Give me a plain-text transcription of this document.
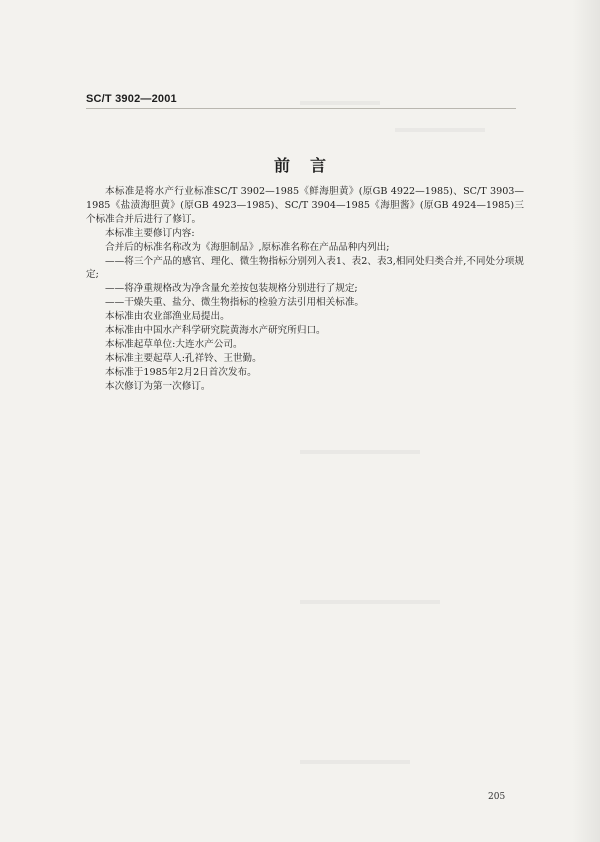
SC/T 3902—2001
前言

本标准是将水产行业标准SC/T 3902—1985《鲜海胆黄》(原GB 4922—1985)、SC/T 3903—1985《盐渍海胆黄》(原GB 4923—1985)、SC/T 3904—1985《海胆酱》(原GB 4924—1985)三个标准合并后进行了修订。

本标准主要修订内容:

合并后的标准名称改为《海胆制品》,原标准名称在产品品种内列出;

——将三个产品的感官、理化、微生物指标分别列入表1、表2、表3,相同处归类合并,不同处分项规定;

——将净重规格改为净含量允差按包装规格分别进行了规定;

——干燥失重、盐分、微生物指标的检验方法引用相关标准。

本标准由农业部渔业局提出。

本标准由中国水产科学研究院黄海水产研究所归口。

本标准起草单位:大连水产公司。

本标准主要起草人:孔祥铃、王世勤。

本标准于1985年2月2日首次发布。

本次修订为第一次修订。

205
